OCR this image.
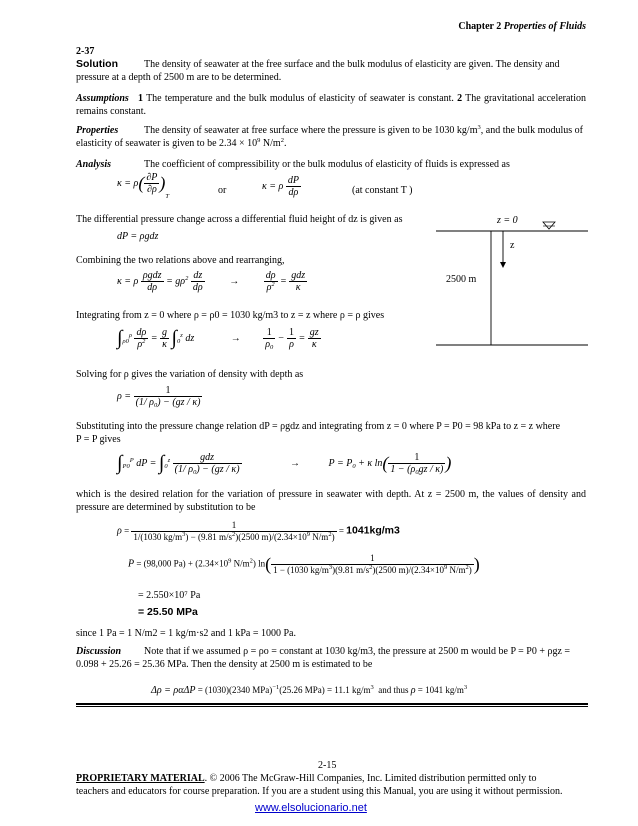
Chapter 2 Properties of Fluids
2-37
Solution	The density of seawater at the free surface and the bulk modulus of elasticity are given. The density and pressure at a depth of 2500 m are to be determined.
Assumptions 1 The temperature and the bulk modulus of elasticity of seawater is constant. 2 The gravitational acceleration remains constant.
Properties	The density of seawater at free surface where the pressure is given to be 1030 $kg/m^3$, and the bulk modulus of elasticity of seawater is given to be $2.34 \times 10^9$ $N/m^2$.
Analysis	The coefficient of compressibility or the bulk modulus of elasticity of fluids is expressed as
$\kappa = \rho( \frac{\partial P}{\partial\rho} )_T$
or	κ = ρ $\frac{dP}{d\rho}$	(at constant T )
The differential pressure change across a differential fluid height of dz is given as
dP = ρgdz
Combining the two relations above and rearranging,
κ = ρ $\frac{\text{ρgdz}}{d\rho} = g\rho^2 \frac{dz}{d\rho} \to \frac{d\rho}{\rho^2} = \frac{\text{gdz}}{\kappa}$
Integrating from z = 0 where ρ = ρ0 = 1030 kg/m3 to z = z where ρ = ρ gives
$\int_{\rho 0}^\rho \frac{d\rho}{\rho^2} = \frac{g}{\kappa} \int_0^z$ dz	→ $\frac{1}{\rho_0} - \frac{1}{\rho} = \frac{gz}{\kappa}$
Solving for ρ gives the variation of density with depth as
$\rho = \frac{1}{(1/ \rho_0) - (gz / \kappa)}$
Substituting into the pressure change relation dP = ρgdz and integrating from z = 0 where P = P0 = 98 kPa to z = z where
P = P gives
$\int_{P0}^P$ dP = $\int_0^z \frac{\text{gdz}}{(1/ \rho_0) - (gz / \kappa)}$	→	$P = P_0 + \kappa$ $\ln( \frac{1}{1 - (\rho_0gz / \kappa)}$ )
which is the desired relation for the variation of pressure in seawater with depth. At z = 2500 m, the values of density and pressure are determined by substitution to be
$\rho = \frac{1}{1/(1030 kg/m^3) - (9.81 m/s^2)(2500 m)/(2.34\times 10^9 N/m^2)} = 1041kg/m3$
P = (98,000 $Pa) + (2.34\times 10^9$ $N/m^2$) $\ln( \frac{1}{1 - (1030 kg/m^3)(9.81 m/s^2)(2500 m)/(2.34\times 10^9 N/m^2)}$ )
= 2.550×10⁷ Pa
= 25.50 MPa
since 1 Pa = 1 N/m2 = 1 kg/m·s2 and 1 kPa = 1000 Pa.
Discussion Note that if we assumed ρ = ρo = constant at 1030 kg/m3, the pressure at 2500 m would be P = P0 + ρgz =
0.098 + 25.26 = 25.36 MPa. Then the density at 2500 m is estimated to be
Δρ = ραΔP = (1030)(2340 MPa)$^{-1}$(25.26 MPa) = 11.1 $kg/m^3$  and thus ρ = 1041 $kg/m^3$
z = 0
z
2500 m
2-15
PROPRIETARY MATERIAL. © 2006 The McGraw-Hill Companies, Inc. Limited distribution permitted only to
teachers and educators for course preparation. If you are a student using this Manual, you are using it without permission.
www.elsolucionario.net
